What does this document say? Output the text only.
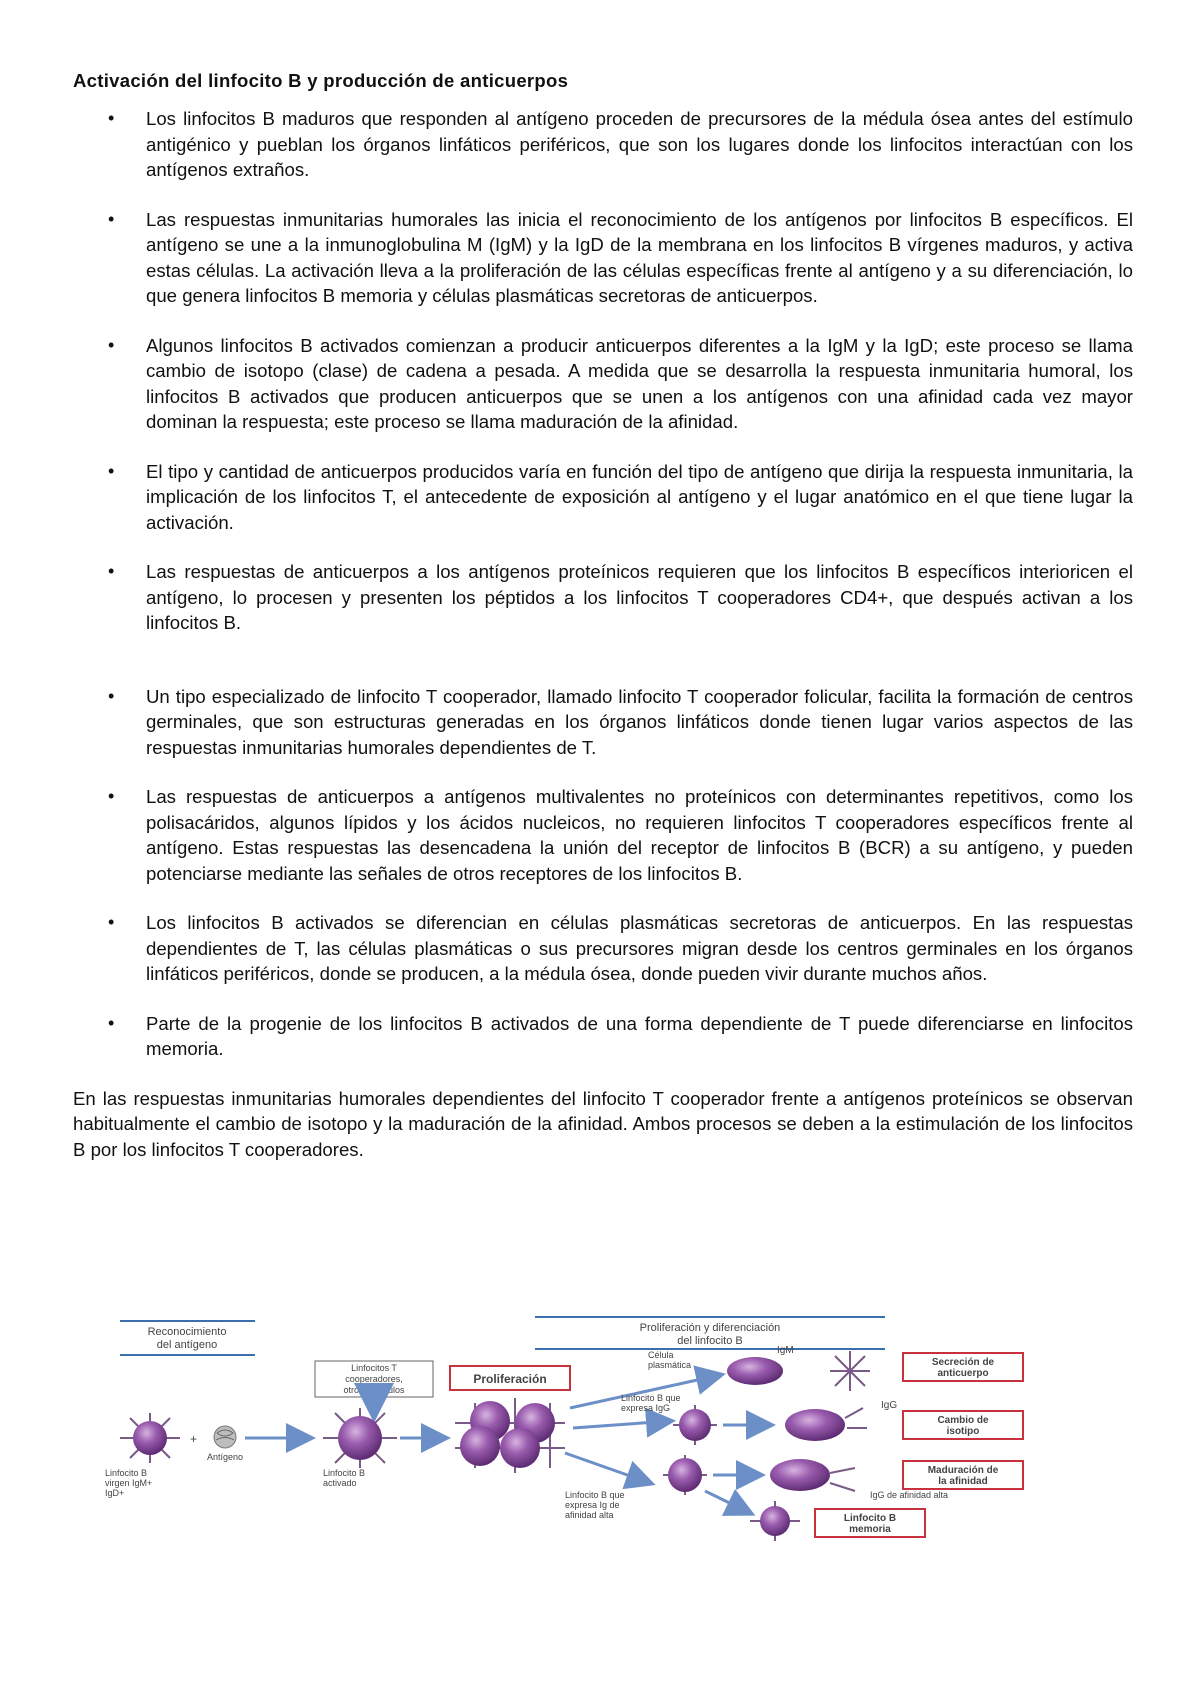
Activación del linfocito B y producción de anticuerpos
• Los linfocitos B maduros que responden al antígeno proceden de precursores de la médula ósea antes del estímulo antigénico y pueblan los órganos linfáticos periféricos, que son los lugares donde los linfocitos interactúan con los antígenos extraños.
• Las respuestas inmunitarias humorales las inicia el reconocimiento de los antígenos por linfocitos B específicos. El antígeno se une a la inmunoglobulina M (IgM) y la IgD de la membrana en los linfocitos B vírgenes maduros, y activa estas células. La activación lleva a la proliferación de las células específicas frente al antígeno y a su diferenciación, lo que genera linfocitos B memoria y células plasmáticas secretoras de anticuerpos.
• Algunos linfocitos B activados comienzan a producir anticuerpos diferentes a la IgM y la IgD; este proceso se llama cambio de isotopo (clase) de cadena a pesada. A medida que se desarrolla la respuesta inmunitaria humoral, los linfocitos B activados que producen anticuerpos que se unen a los antígenos con una afinidad cada vez mayor dominan la respuesta; este proceso se llama maduración de la afinidad.
• El tipo y cantidad de anticuerpos producidos varía en función del tipo de antígeno que dirija la respuesta inmunitaria, la implicación de los linfocitos T, el antecedente de exposición al antígeno y el lugar anatómico en el que tiene lugar la activación.
• Las respuestas de anticuerpos a los antígenos proteínicos requieren que los linfocitos B específicos interioricen el antígeno, lo procesen y presenten los péptidos a los linfocitos T cooperadores CD4+, que después activan a los linfocitos B.
• Un tipo especializado de linfocito T cooperador, llamado linfocito T cooperador folicular, facilita la formación de centros germinales, que son estructuras generadas en los órganos linfáticos donde tienen lugar varios aspectos de las respuestas inmunitarias humorales dependientes de T.
• Las respuestas de anticuerpos a antígenos multivalentes no proteínicos con determinantes repetitivos, como los polisacáridos, algunos lípidos y los ácidos nucleicos, no requieren linfocitos T cooperadores específicos frente al antígeno. Estas respuestas las desencadena la unión del receptor de linfocitos B (BCR) a su antígeno, y pueden potenciarse mediante las señales de otros receptores de los linfocitos B.
• Los linfocitos B activados se diferencian en células plasmáticas secretoras de anticuerpos. En las respuestas dependientes de T, las células plasmáticas o sus precursores migran desde los centros germinales en los órganos linfáticos periféricos, donde se producen, a la médula ósea, donde pueden vivir durante muchos años.
• Parte de la progenie de los linfocitos B activados de una forma dependiente de T puede diferenciarse en linfocitos memoria.

En las respuestas inmunitarias humorales dependientes del linfocito T cooperador frente a antígenos proteínicos se observan habitualmente el cambio de isotopo y la maduración de la afinidad. Ambos procesos se deben a la estimulación de los linfocitos B por los linfocitos T cooperadores.

Reconocimiento
del antígeno
Proliferación y diferenciación
del linfocito B
Linfocitos T
cooperadores,
otros estímulos
Linfocito B
virgen IgM+
IgD+
+
Antígeno
Linfocito B
activado
Proliferación
Célula
plasmática
IgM
Linfocito B que
expresa IgG	IgG
Linfocito B que
expresa Ig de
afinidad alta
IgG de afinidad alta
Secreción de
anticuerpo
Cambio de
isotipo
Maduración de
la afinidad
Linfocito B
memoria
